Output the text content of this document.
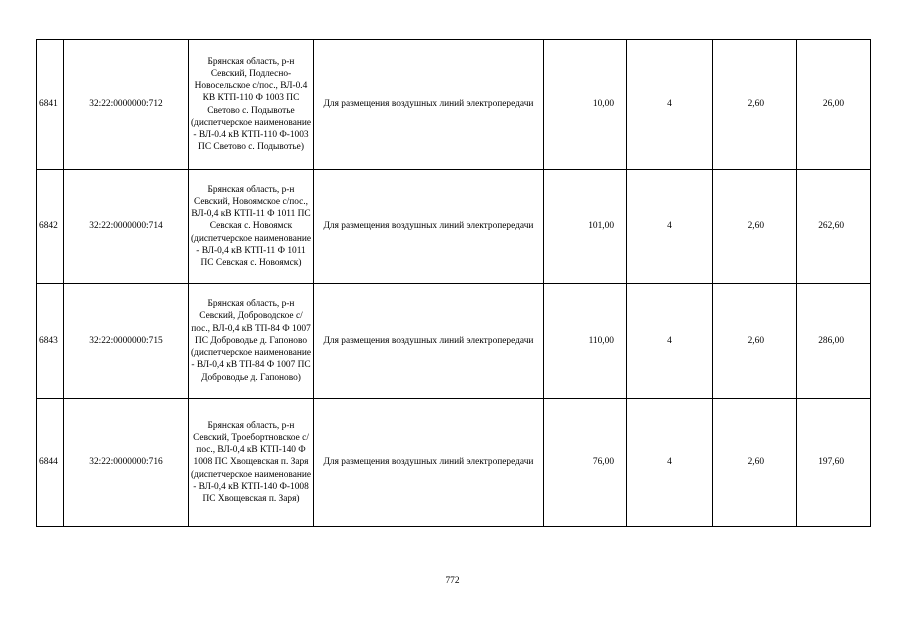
6841	32:22:0000000:712	Брянская область, р-н Севский, Подлесно-Новосельское с/пос., ВЛ-0.4 КВ КТП-110 Ф 1003 ПС Светово с. Подывотье (диспетчерское наименование - ВЛ-0.4 кВ КТП-110 Ф-1003 ПС Светово с. Подывотье)	Для размещения воздушных линий электропередачи	10,00	4	2,60	26,00
6842	32:22:0000000:714	Брянская область, р-н Севский, Новоямское с/пос., ВЛ-0,4 кВ КТП-11 Ф 1011 ПС Севская с. Новоямск (диспетчерское наименование - ВЛ-0,4 кВ КТП-11 Ф 1011 ПС Севская с. Новоямск)	Для размещения воздушных линий электропередачи	101,00	4	2,60	262,60
6843	32:22:0000000:715	Брянская область, р-н Севский, Доброводское с/пос., ВЛ-0,4 кВ ТП-84 Ф 1007 ПС Доброводье д. Гапоново (диспетчерское наименование - ВЛ-0,4 кВ ТП-84 Ф 1007 ПС Доброводье д. Гапоново)	Для размещения воздушных линий электропередачи	110,00	4	2,60	286,00
6844	32:22:0000000:716	Брянская область, р-н Севский, Троебортновское с/пос., ВЛ-0,4 кВ КТП-140 Ф 1008 ПС Хвощевская п. Заря (диспетчерское наименование - ВЛ-0,4 кВ КТП-140 Ф-1008 ПС Хвощевская п. Заря)	Для размещения воздушных линий электропередачи	76,00	4	2,60	197,60
772
